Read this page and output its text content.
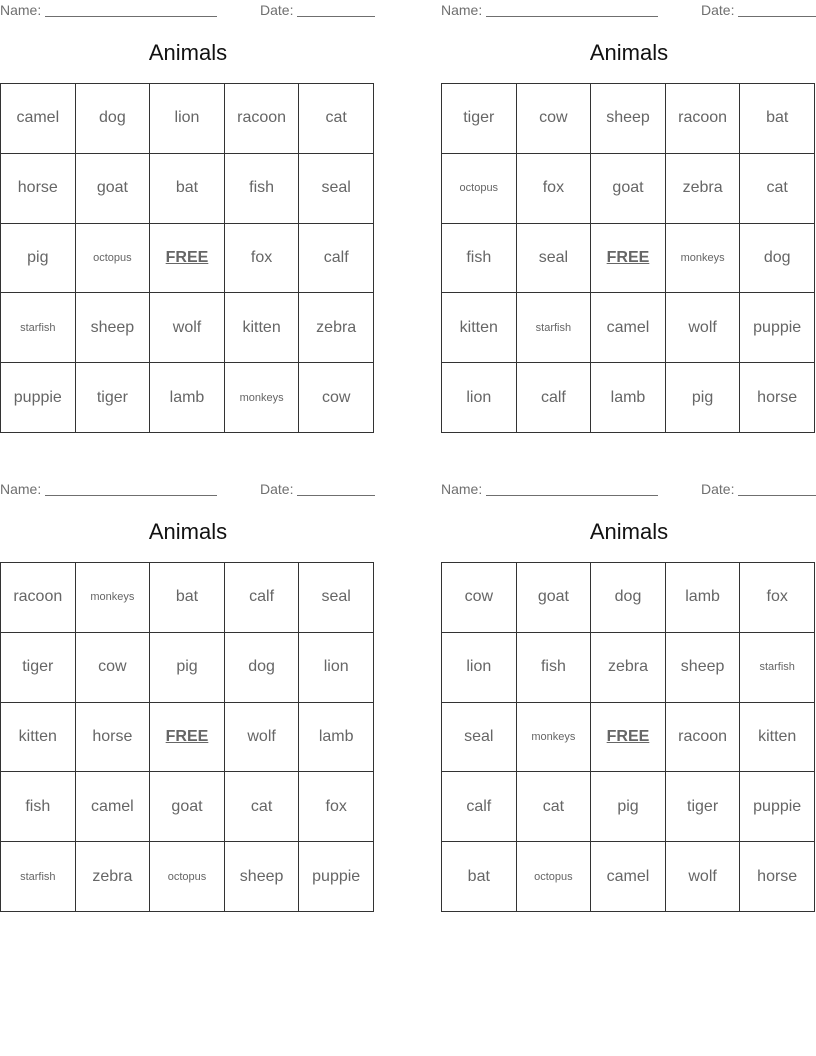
Name:	Date:
Animals
camel	dog	lion	racoon	cat
horse	goat	bat	fish	seal
pig	octopus	FREE	fox	calf
starfish	sheep	wolf	kitten	zebra
puppie	tiger	lamb	monkeys	cow
Name:	Date:
Animals
tiger	cow	sheep	racoon	bat
octopus	fox	goat	zebra	cat
fish	seal	FREE	monkeys	dog
kitten	starfish	camel	wolf	puppie
lion	calf	lamb	pig	horse
Name:	Date:
Animals
racoon	monkeys	bat	calf	seal
tiger	cow	pig	dog	lion
kitten	horse	FREE	wolf	lamb
fish	camel	goat	cat	fox
starfish	zebra	octopus	sheep	puppie
Name:	Date:
Animals
cow	goat	dog	lamb	fox
lion	fish	zebra	sheep	starfish
seal	monkeys	FREE	racoon	kitten
calf	cat	pig	tiger	puppie
bat	octopus	camel	wolf	horse
